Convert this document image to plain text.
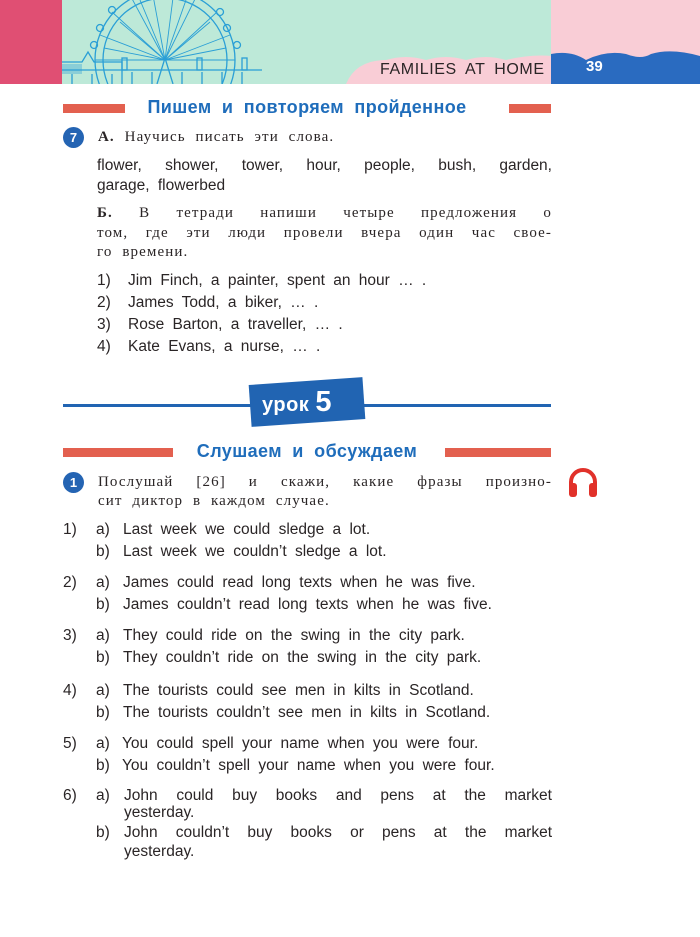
FAMILIES AT HOME	39
Пишем и повторяем пройденное
7	А. Научись писать эти слова.
flower, shower, tower, hour, people, bush, garden,
garage, flowerbed
Б. В тетради напиши четыре предложения о
том, где эти люди провели вчера один час свое-
го времени.
1) Jim Finch, a painter, spent an hour … .
2) James Todd, a biker, … .
3) Rose Barton, a traveller, … .
4) Kate Evans, a nurse, … .
урок 5
Слушаем и обсуждаем
1	Послушай [26] и скажи, какие фразы произно-
сит диктор в каждом случае.
1) a) Last week we could sledge a lot.
b) Last week we couldn’t sledge a lot.
2) a) James could read long texts when he was five.
b) James couldn’t read long texts when he was five.
3) a) They could ride on the swing in the city park.
b) They couldn’t ride on the swing in the city park.
4) a) The tourists could see men in kilts in Scotland.
b) The tourists couldn’t see men in kilts in Scotland.
5) a) You could spell your name when you were four.
b) You couldn’t spell your name when you were four.
6) a) John could buy books and pens at the market
yesterday.
b) John couldn’t buy books or pens at the market
yesterday.
